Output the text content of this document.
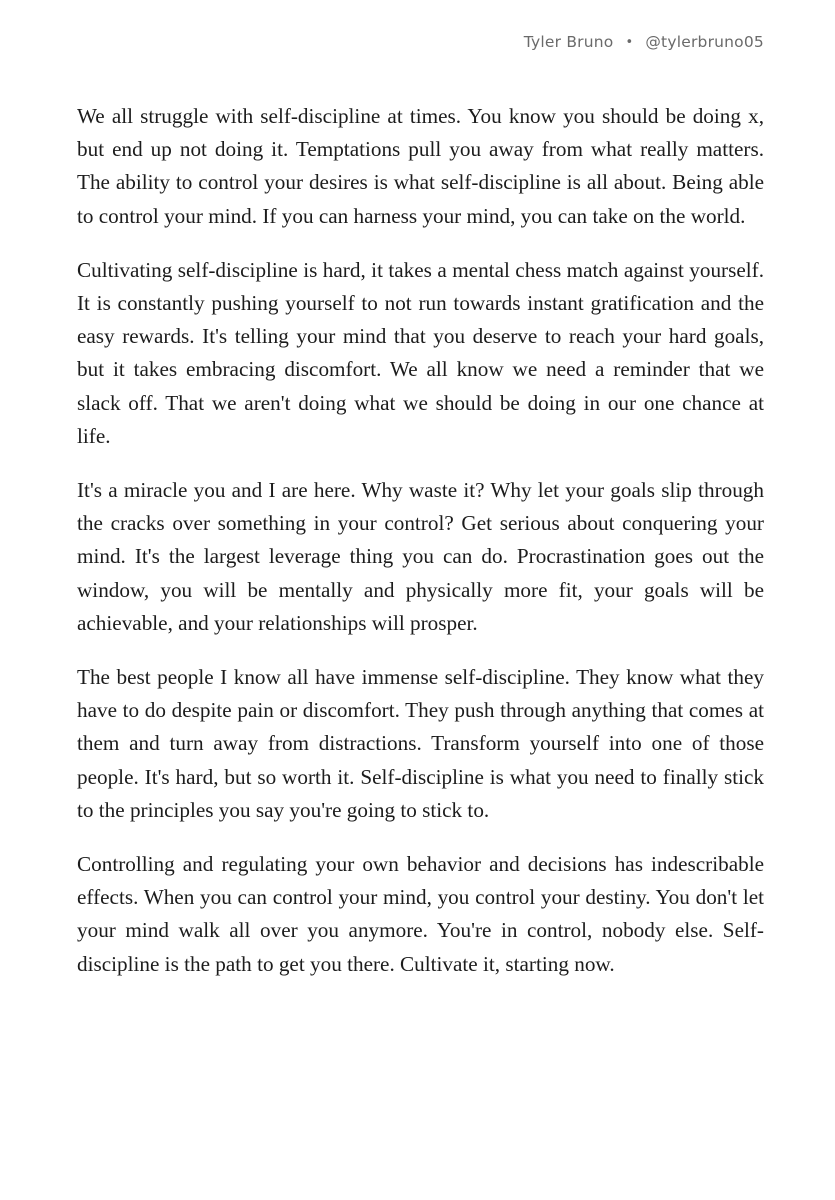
Tyler Bruno • @tylerbruno05

We all struggle with self-discipline at times. You know you should be doing x, but end up not doing it. Temptations pull you away from what really matters. The ability to control your desires is what self-discipline is all about. Being able to control your mind. If you can harness your mind, you can take on the world.

Cultivating self-discipline is hard, it takes a mental chess match against yourself. It is constantly pushing yourself to not run towards instant gratification and the easy rewards. It's telling your mind that you deserve to reach your hard goals, but it takes embracing discomfort. We all know we need a reminder that we slack off. That we aren't doing what we should be doing in our one chance at life.

It's a miracle you and I are here. Why waste it? Why let your goals slip through the cracks over something in your control? Get serious about conquering your mind. It's the largest leverage thing you can do. Procrastination goes out the window, you will be mentally and physically more fit, your goals will be achievable, and your relationships will prosper.

The best people I know all have immense self-discipline. They know what they have to do despite pain or discomfort. They push through anything that comes at them and turn away from distractions. Transform yourself into one of those people. It's hard, but so worth it. Self-discipline is what you need to finally stick to the principles you say you're going to stick to.

Controlling and regulating your own behavior and decisions has indescribable effects. When you can control your mind, you control your destiny. You don't let your mind walk all over you anymore. You're in control, nobody else. Self-discipline is the path to get you there. Cultivate it, starting now.
